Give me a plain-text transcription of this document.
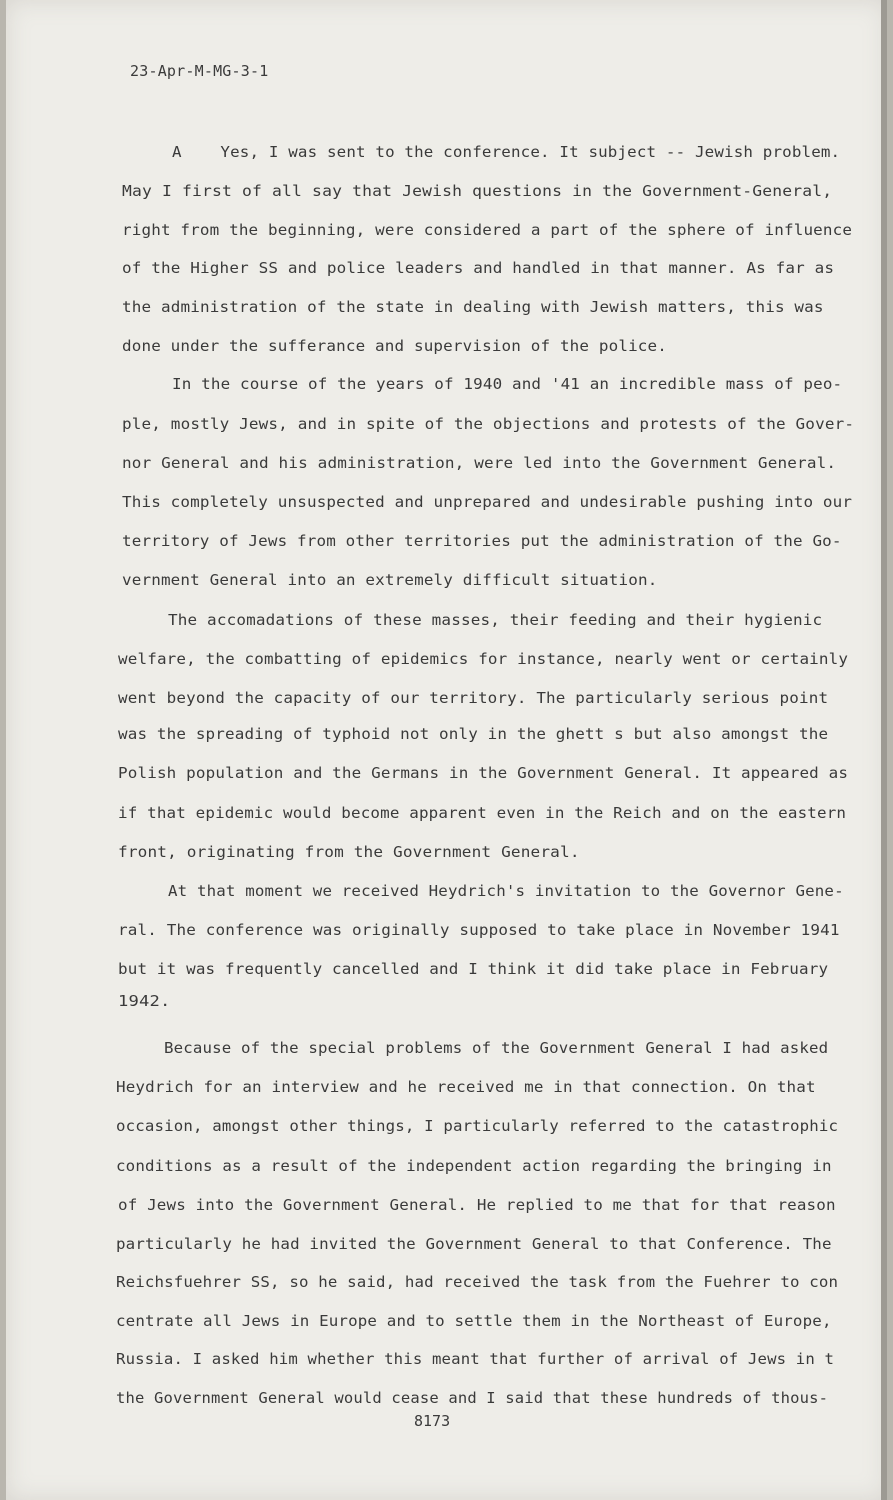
23-Apr-M-MG-3-1
A    Yes, I was sent to the conference. It subject -- Jewish problem.
May I first of all say that Jewish questions in the Government-General,
right from the beginning, were considered a part of the sphere of influence
of the Higher SS and police leaders and handled in that manner. As far as
the administration of the state in dealing with Jewish matters, this was
done under the sufferance and supervision of the police.
In the course of the years of 1940 and '41 an incredible mass of peo-
ple, mostly Jews, and in spite of the objections and protests of the Gover-
nor General and his administration, were led into the Government General.
This completely unsuspected and unprepared and undesirable pushing into our
territory of Jews from other territories put the administration of the Go-
vernment General into an extremely difficult situation.
The accomadations of these masses, their feeding and their hygienic
welfare, the combatting of epidemics for instance, nearly went or certainly
went beyond the capacity of our territory. The particularly serious point
was the spreading of typhoid not only in the ghett s but also amongst the
Polish population and the Germans in the Government General. It appeared as
if that epidemic would become apparent even in the Reich and on the eastern
front, originating from the Government General.
At that moment we received Heydrich's invitation to the Governor Gene-
ral. The conference was originally supposed to take place in November 1941
but it was frequently cancelled and I think it did take place in February
1942.
Because of the special problems of the Government General I had asked
Heydrich for an interview and he received me in that connection. On that
occasion, amongst other things, I particularly referred to the catastrophic
conditions as a result of the independent action regarding the bringing in
of Jews into the Government General. He replied to me that for that reason
particularly he had invited the Government General to that Conference. The
Reichsfuehrer SS, so he said, had received the task from the Fuehrer to con
centrate all Jews in Europe and to settle them in the Northeast of Europe,
Russia. I asked him whether this meant that further of arrival of Jews in t
the Government General would cease and I said that these hundreds of thous-
8173
